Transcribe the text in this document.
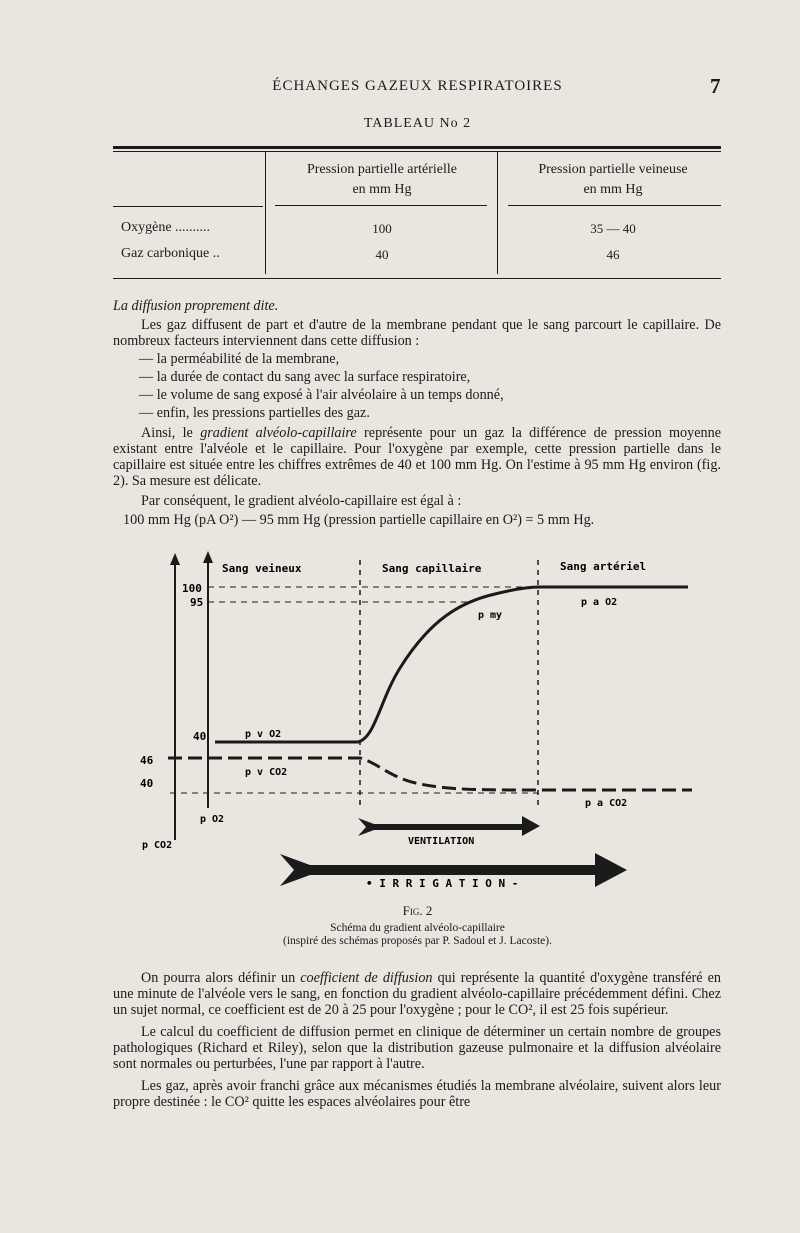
ÉCHANGES GAZEUX RESPIRATOIRES	7
TABLEAU No 2
Pression partielle artérielle
en mm Hg
Pression partielle veineuse
en mm Hg
Oxygène ..........	100	35 — 40
Gaz carbonique ..	40	46

La diffusion proprement dite.

Les gaz diffusent de part et d'autre de la membrane pendant que le sang parcourt le capillaire. De nombreux facteurs interviennent dans cette diffusion :

— la perméabilité de la membrane,

— la durée de contact du sang avec la surface respiratoire,

— le volume de sang exposé à l'air alvéolaire à un temps donné,

— enfin, les pressions partielles des gaz.

Ainsi, le gradient alvéolo-capillaire représente pour un gaz la différence de pression moyenne existant entre l'alvéole et le capillaire. Pour l'oxygène par exemple, cette pression partielle dans le capillaire est située entre les chiffres extrêmes de 40 et 100 mm Hg. On l'estime à 95 mm Hg environ (fig. 2). Sa mesure est délicate.

Par conséquent, le gradient alvéolo-capillaire est égal à :

100 mm Hg (pA O²) — 95 mm Hg (pression partielle capillaire en O²) = 5 mm Hg.

Sang veineux	Sang capillaire	Sang artériel
100
95
40
46
40
p my
p a O2
p v O2
p v CO2
p a CO2
p O2
p CO2	VENTILATION
• I R R I G A T I O N -
Fig. 2
Schéma du gradient alvéolo-capillaire
(inspiré des schémas proposés par P. Sadoul et J. Lacoste).

On pourra alors définir un coefficient de diffusion qui représente la quantité d'oxygène transféré en une minute de l'alvéole vers le sang, en fonction du gradient alvéolo-capillaire précédemment défini. Chez un sujet normal, ce coefficient est de 20 à 25 pour l'oxygène ; pour le CO², il est 25 fois supérieur.

Le calcul du coefficient de diffusion permet en clinique de déterminer un certain nombre de groupes pathologiques (Richard et Riley), selon que la distribution gazeuse pulmonaire et la diffusion alvéolaire sont normales ou perturbées, l'une par rapport à l'autre.

Les gaz, après avoir franchi grâce aux mécanismes étudiés la membrane alvéolaire, suivent alors leur propre destinée : le CO² quitte les espaces alvéolaires pour être
